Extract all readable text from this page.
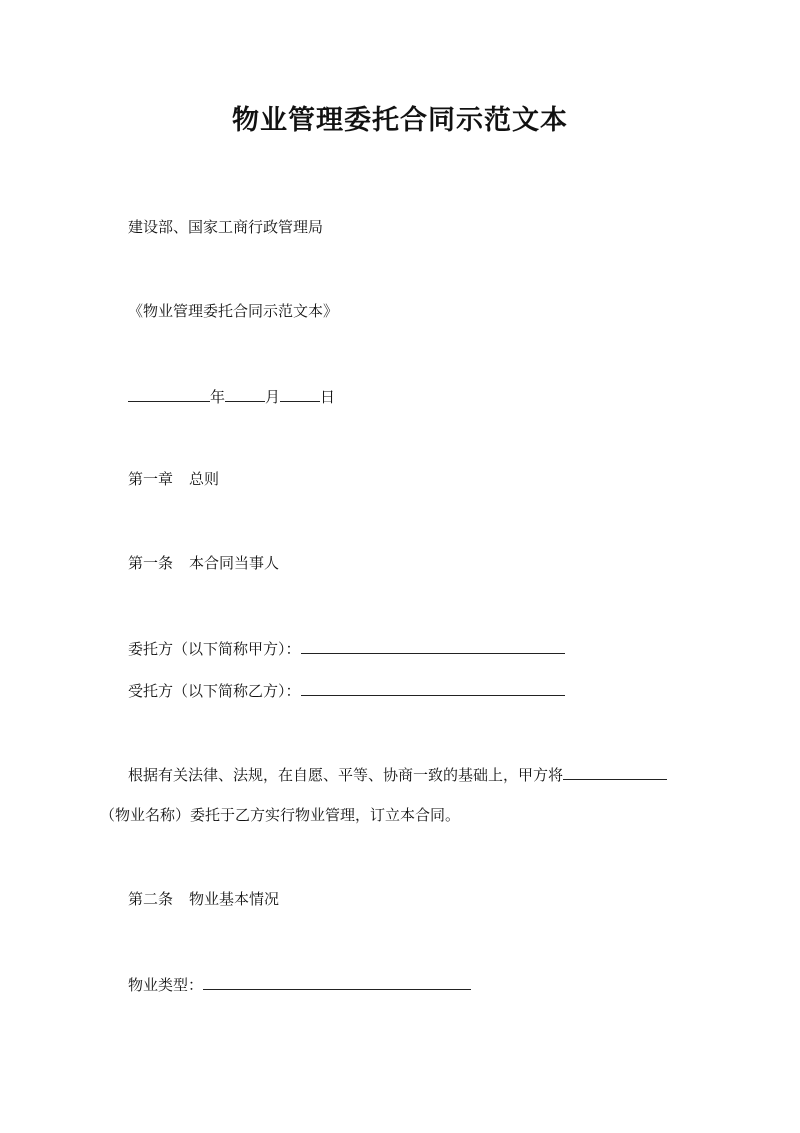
物业管理委托合同示范文本
建设部、国家工商行政管理局
《物业管理委托合同示范文本》
年	月	日
第一章 总则
第一条 本合同当事人
委托方（以下简称甲方）：
受托方（以下简称乙方）：
根据有关法律、法规，在自愿、平等、协商一致的基础上，甲方将
（物业名称）委托于乙方实行物业管理，订立本合同。
第二条 物业基本情况
物业类型：
